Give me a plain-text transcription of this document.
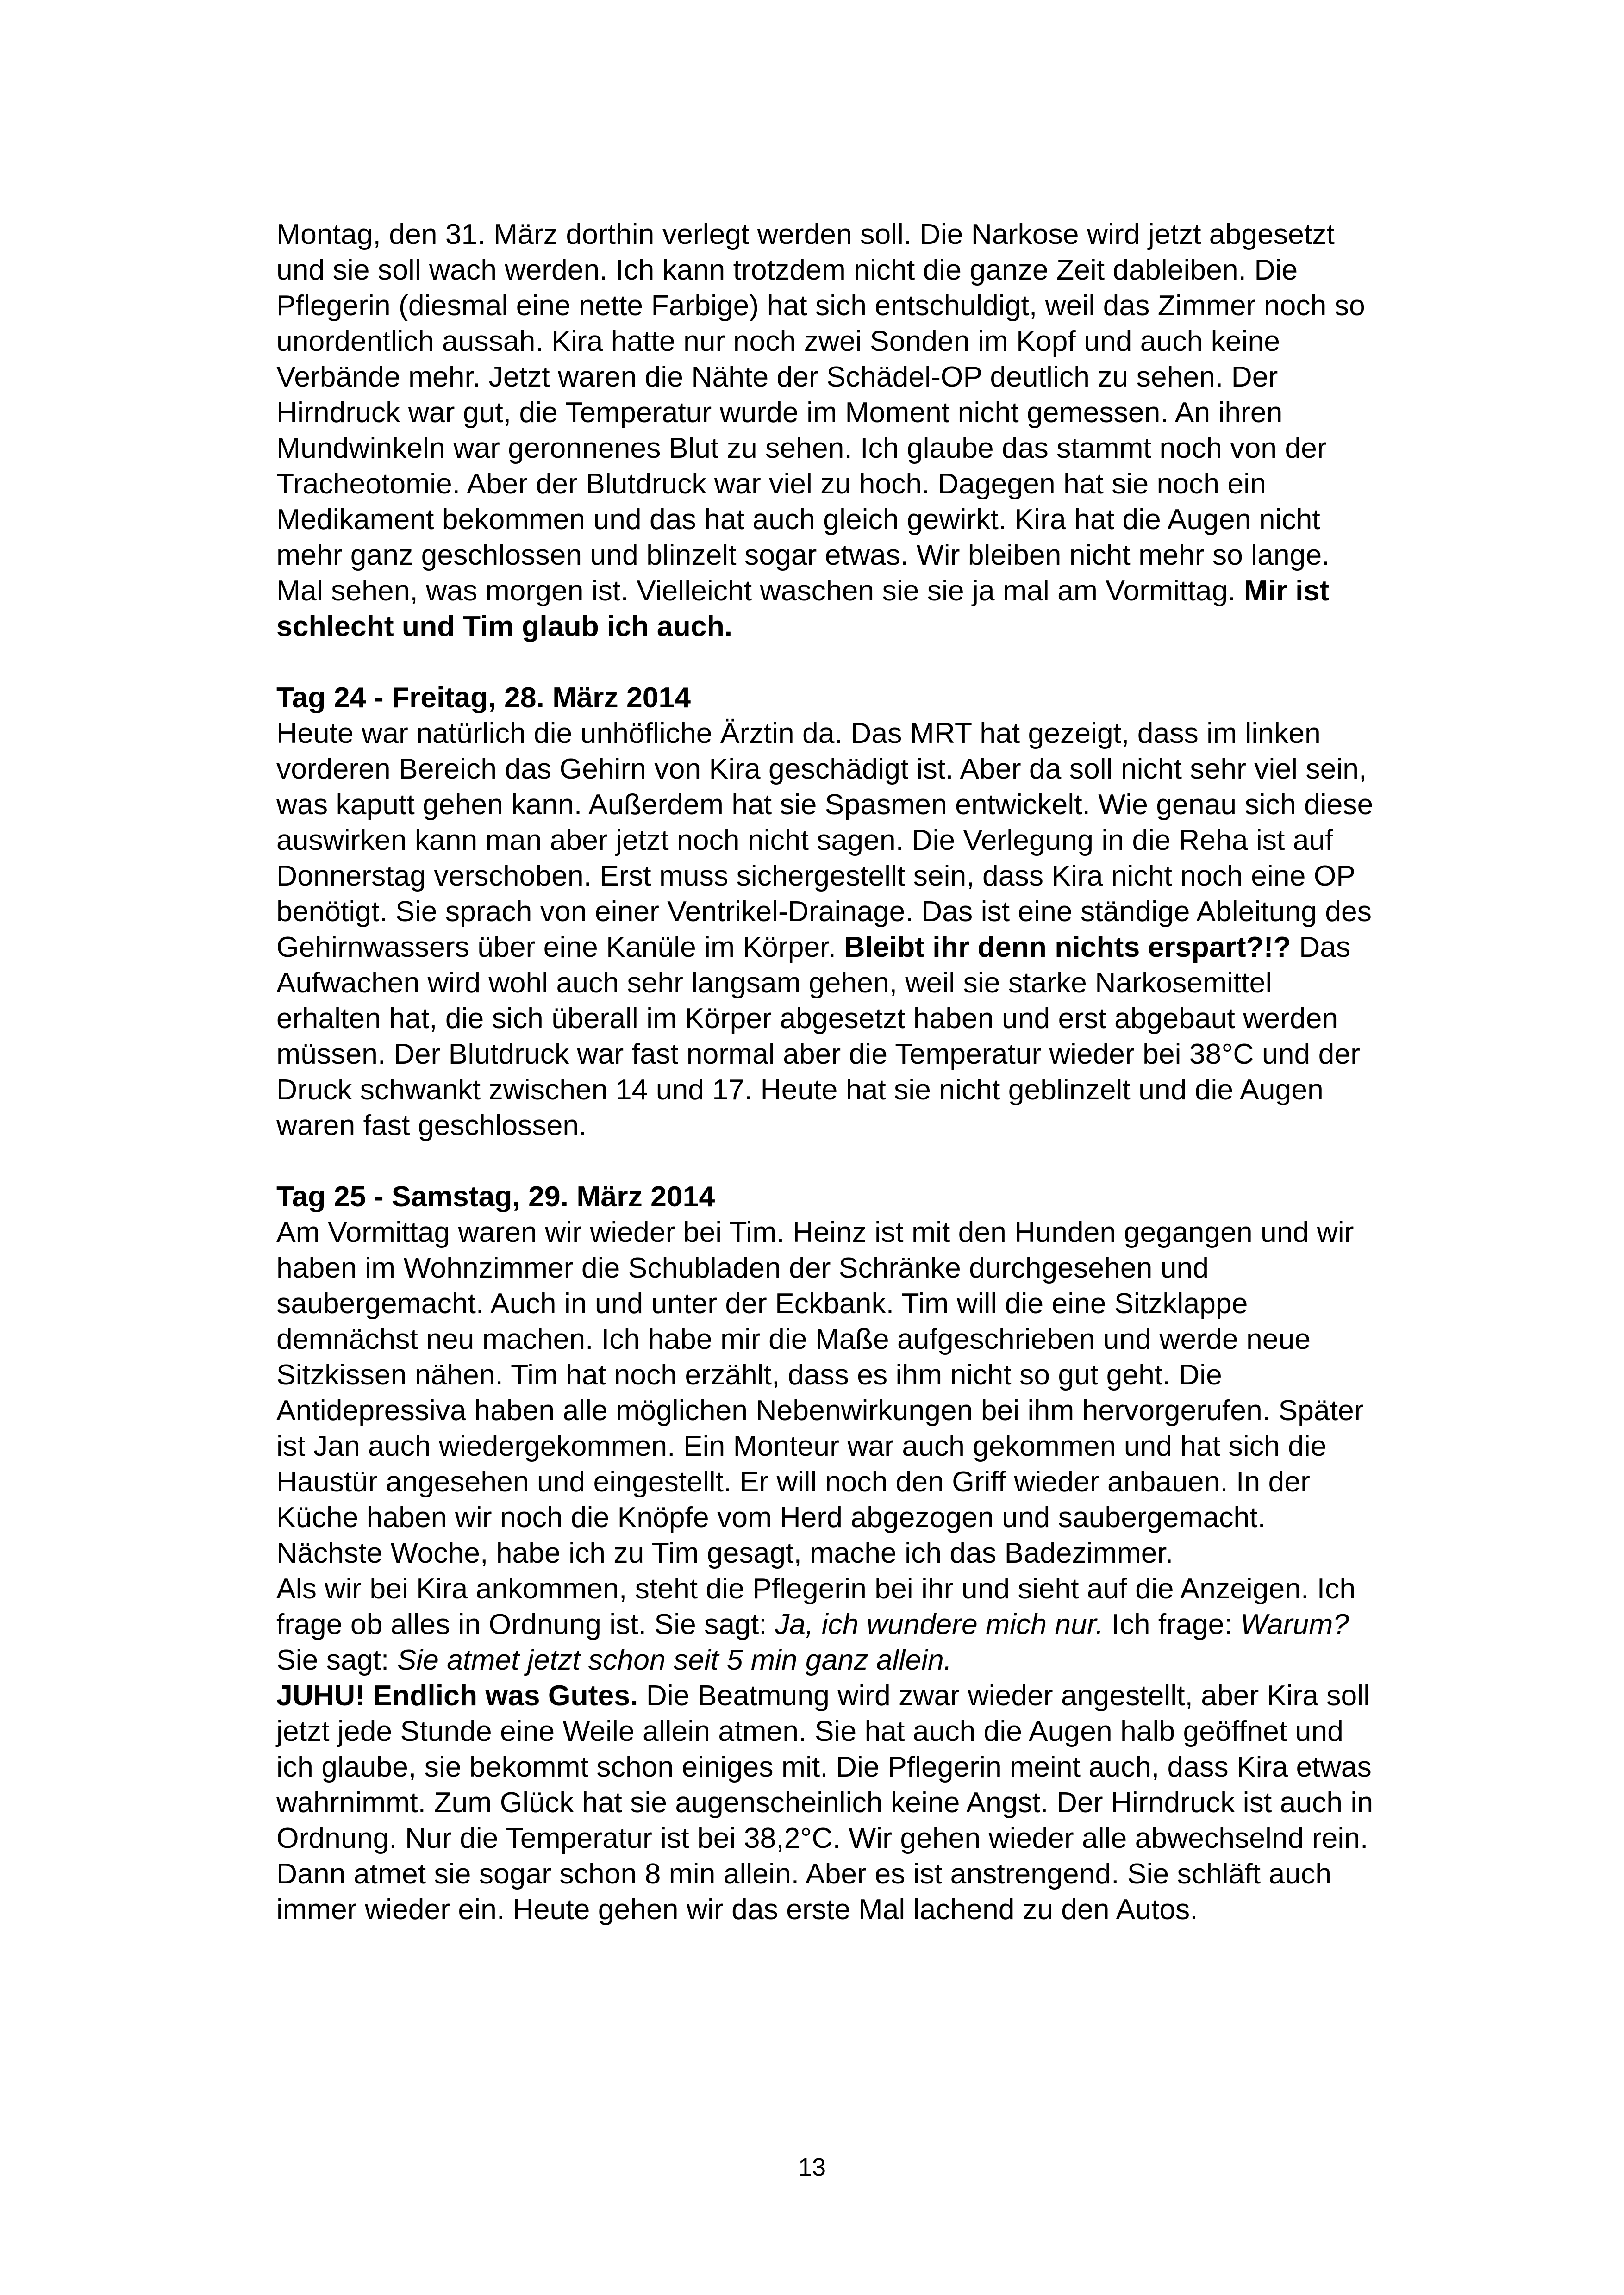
Montag, den 31. März dorthin verlegt werden soll. Die Narkose wird jetzt abgesetzt und sie soll wach werden. Ich kann trotzdem nicht die ganze Zeit dableiben. Die Pflegerin (diesmal eine nette Farbige) hat sich entschuldigt, weil das Zimmer noch so unordentlich aussah. Kira hatte nur noch zwei Sonden im Kopf und auch keine Verbände mehr. Jetzt waren die Nähte der Schädel-OP deutlich zu sehen. Der Hirndruck war gut, die Temperatur wurde im Moment nicht gemessen. An ihren Mundwinkeln war geronnenes Blut zu sehen. Ich glaube das stammt noch von der Tracheotomie. Aber der Blutdruck war viel zu hoch. Dagegen hat sie noch ein Medikament bekommen und das hat auch gleich gewirkt. Kira hat die Augen nicht mehr ganz geschlossen und blinzelt sogar etwas. Wir bleiben nicht mehr so lange. Mal sehen, was morgen ist. Vielleicht waschen sie sie ja mal am Vormittag. Mir ist schlecht und Tim glaub ich auch.

Tag 24 - Freitag, 28. März 2014

Heute war natürlich die unhöfliche Ärztin da. Das MRT hat gezeigt, dass im linken vorderen Bereich das Gehirn von Kira geschädigt ist. Aber da soll nicht sehr viel sein, was kaputt gehen kann. Außerdem hat sie Spasmen entwickelt. Wie genau sich diese auswirken kann man aber jetzt noch nicht sagen. Die Verlegung in die Reha ist auf Donnerstag verschoben. Erst muss sichergestellt sein, dass Kira nicht noch eine OP benötigt. Sie sprach von einer Ventrikel-Drainage. Das ist eine ständige Ableitung des Gehirnwassers über eine Kanüle im Körper. Bleibt ihr denn nichts erspart?!? Das Aufwachen wird wohl auch sehr langsam gehen, weil sie starke Narkosemittel erhalten hat, die sich überall im Körper abgesetzt haben und erst abgebaut werden müssen. Der Blutdruck war fast normal aber die Temperatur wieder bei 38°C und der Druck schwankt zwischen 14 und 17. Heute hat sie nicht geblinzelt und die Augen waren fast geschlossen.

Tag 25 - Samstag, 29. März 2014

Am Vormittag waren wir wieder bei Tim. Heinz ist mit den Hunden gegangen und wir haben im Wohnzimmer die Schubladen der Schränke durchgesehen und saubergemacht. Auch in und unter der Eckbank. Tim will die eine Sitzklappe demnächst neu machen. Ich habe mir die Maße aufgeschrieben und werde neue Sitzkissen nähen. Tim hat noch erzählt, dass es ihm nicht so gut geht. Die Antidepressiva haben alle möglichen Nebenwirkungen bei ihm hervorgerufen. Später ist Jan auch wiedergekommen. Ein Monteur war auch gekommen und hat sich die Haustür angesehen und eingestellt. Er will noch den Griff wieder anbauen. In der Küche haben wir noch die Knöpfe vom Herd abgezogen und saubergemacht. Nächste Woche, habe ich zu Tim gesagt, mache ich das Badezimmer.

Als wir bei Kira ankommen, steht die Pflegerin bei ihr und sieht auf die Anzeigen. Ich frage ob alles in Ordnung ist. Sie sagt: Ja, ich wundere mich nur. Ich frage: Warum? Sie sagt: Sie atmet jetzt schon seit 5 min ganz allein.
JUHU! Endlich was Gutes. Die Beatmung wird zwar wieder angestellt, aber Kira soll jetzt jede Stunde eine Weile allein atmen. Sie hat auch die Augen halb geöffnet und ich glaube, sie bekommt schon einiges mit. Die Pflegerin meint auch, dass Kira etwas wahrnimmt. Zum Glück hat sie augenscheinlich keine Angst. Der Hirndruck ist auch in Ordnung. Nur die Temperatur ist bei 38,2°C. Wir gehen wieder alle abwechselnd rein. Dann atmet sie sogar schon 8 min allein. Aber es ist anstrengend. Sie schläft auch immer wieder ein. Heute gehen wir das erste Mal lachend zu den Autos.

13
